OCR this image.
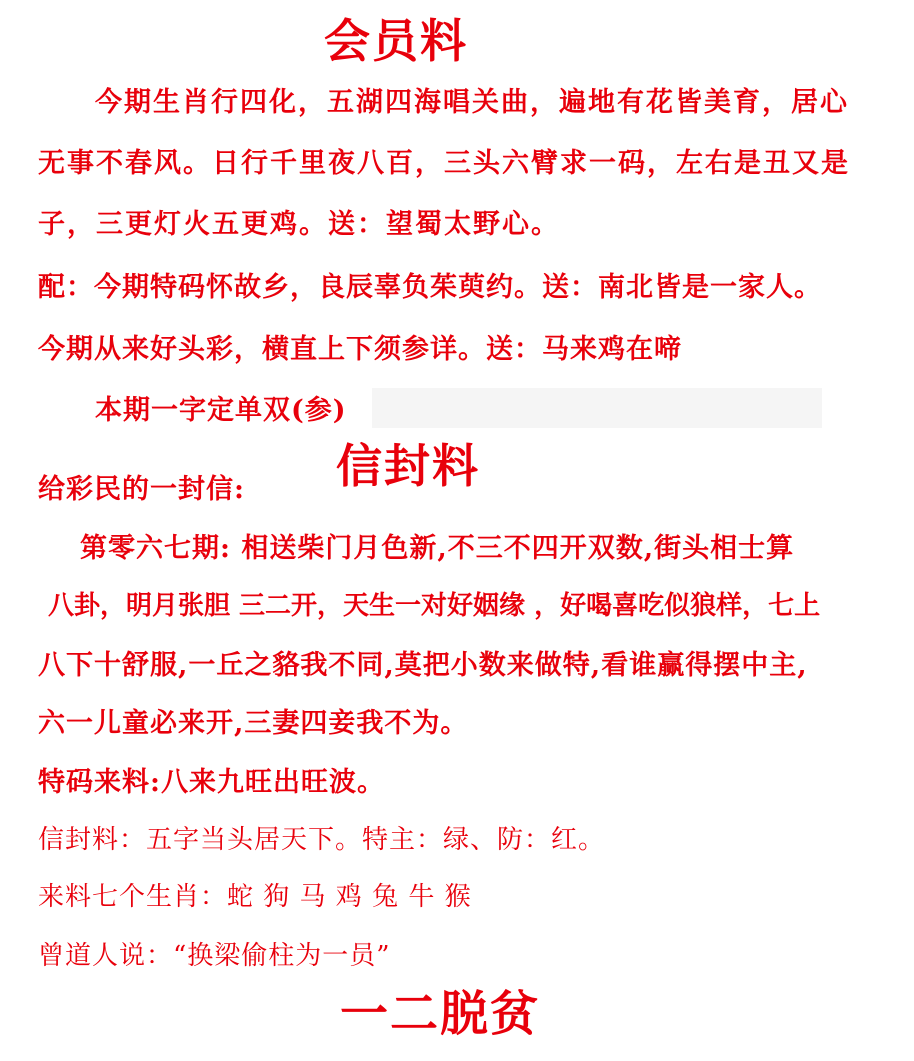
会员料
今期生肖行四化，五湖四海唱关曲，遍地有花皆美育，居心
无事不春风。日行千里夜八百，三头六臂求一码，左右是丑又是
子，三更灯火五更鸡。送：望蜀太野心。
配：今期特码怀故乡，良辰辜负茱萸约。送：南北皆是一家人。
今期从来好头彩，横直上下须参详。送：马来鸡在啼
本期一字定单双(参)
给彩民的一封信: 信封料
第零六七期: 相送柴门月色新,不三不四开双数,街头相士算
八卦，明月张胆 三二开，天生一对好姻缘 ，好喝喜吃似狼样，七上
八下十舒服,一丘之貉我不同,莫把小数来做特,看谁赢得摆中主,
六一儿童必来开,三妻四妾我不为。
特码来料:八来九旺出旺波。
信封料：五字当头居天下。特主：绿、防：红。
来料七个生肖：蛇 狗 马 鸡 兔 牛 猴
曾道人说：“换梁偷柱为一员”
一二脱贫
